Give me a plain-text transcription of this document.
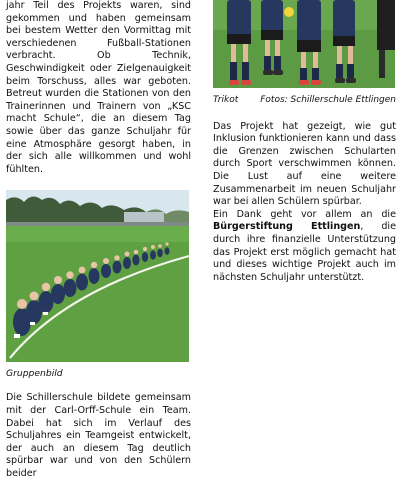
jahr Teil des Projekts waren, sind gekommen und haben gemeinsam bei bestem Wetter den Vormittag mit verschiedenen Fußball-Stationen verbracht. Ob Technik, Geschwindigkeit oder Zielgenauigkeit beim Torschuss, alles war geboten. Betreut wurden die Stationen von den Trainerinnen und Trainern von „KSC macht Schule“, die an diesem Tag sowie über das ganze Schuljahr für eine Atmosphäre gesorgt haben, in der sich alle willkommen und wohl fühlten.

Gruppenbild

Die Schillerschule bildete gemeinsam mit der Carl-Orff-Schule ein Team. Dabei hat sich im Verlauf des Schuljahres ein Teamgeist entwickelt, der auch an diesem Tag deutlich spürbar war und von den Schülern beider

Trikot Fotos: Schillerschule Ettlingen

Das Projekt hat gezeigt, wie gut Inklusion funktionieren kann und dass die Grenzen zwischen Schularten durch Sport verschwimmen können. Die Lust auf eine weitere Zusammenarbeit im neuen Schuljahr war bei allen Schülern spürbar.

Ein Dank geht vor allem an die Bürgerstiftung Ettlingen, die durch ihre finanzielle Unterstützung das Projekt erst möglich gemacht hat und dieses wichtige Projekt auch im nächsten Schuljahr unterstützt.
